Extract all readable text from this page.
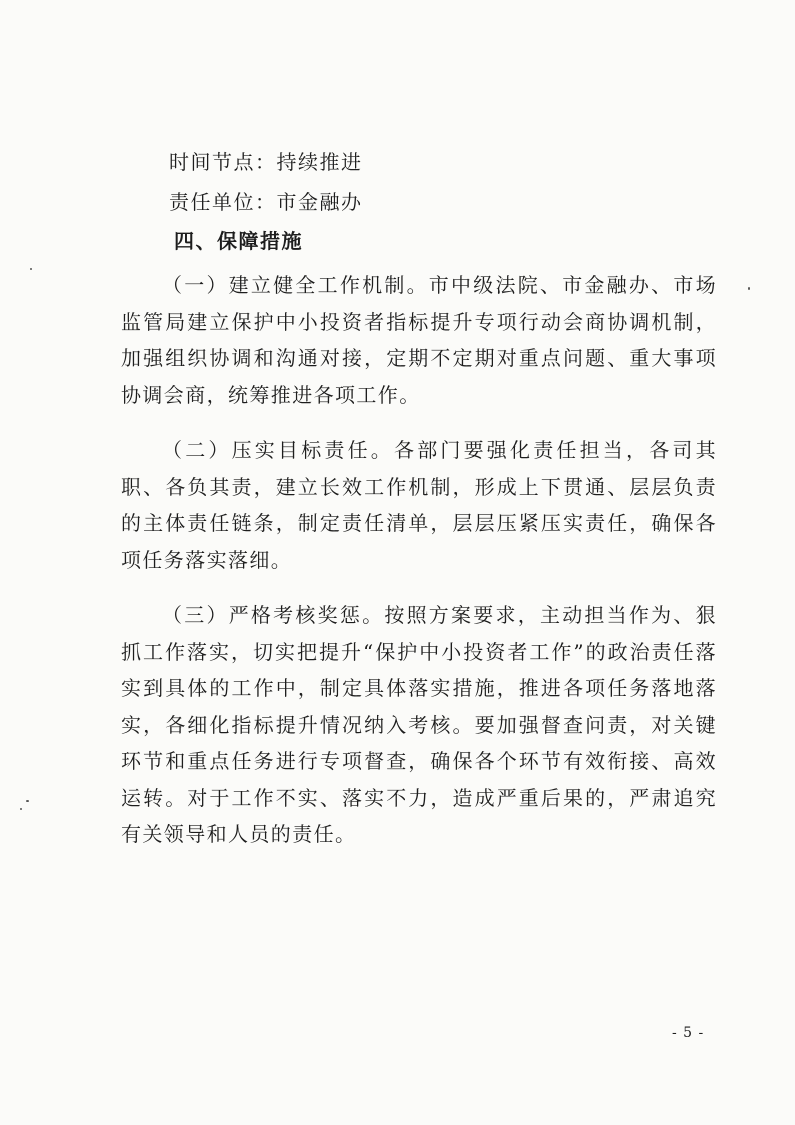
时间节点：持续推进
责任单位：市金融办
四、保障措施
（一）建立健全工作机制。市中级法院、市金融办、市场监管局建立保护中小投资者指标提升专项行动会商协调机制，加强组织协调和沟通对接，定期不定期对重点问题、重大事项协调会商，统筹推进各项工作。
（二）压实目标责任。各部门要强化责任担当，各司其职、各负其责，建立长效工作机制，形成上下贯通、层层负责的主体责任链条，制定责任清单，层层压紧压实责任，确保各项任务落实落细。
（三）严格考核奖惩。按照方案要求，主动担当作为、狠抓工作落实，切实把提升“保护中小投资者工作”的政治责任落实到具体的工作中，制定具体落实措施，推进各项任务落地落实，各细化指标提升情况纳入考核。要加强督查问责，对关键环节和重点任务进行专项督查，确保各个环节有效衔接、高效运转。对于工作不实、落实不力，造成严重后果的，严肃追究有关领导和人员的责任。
- 5 -
